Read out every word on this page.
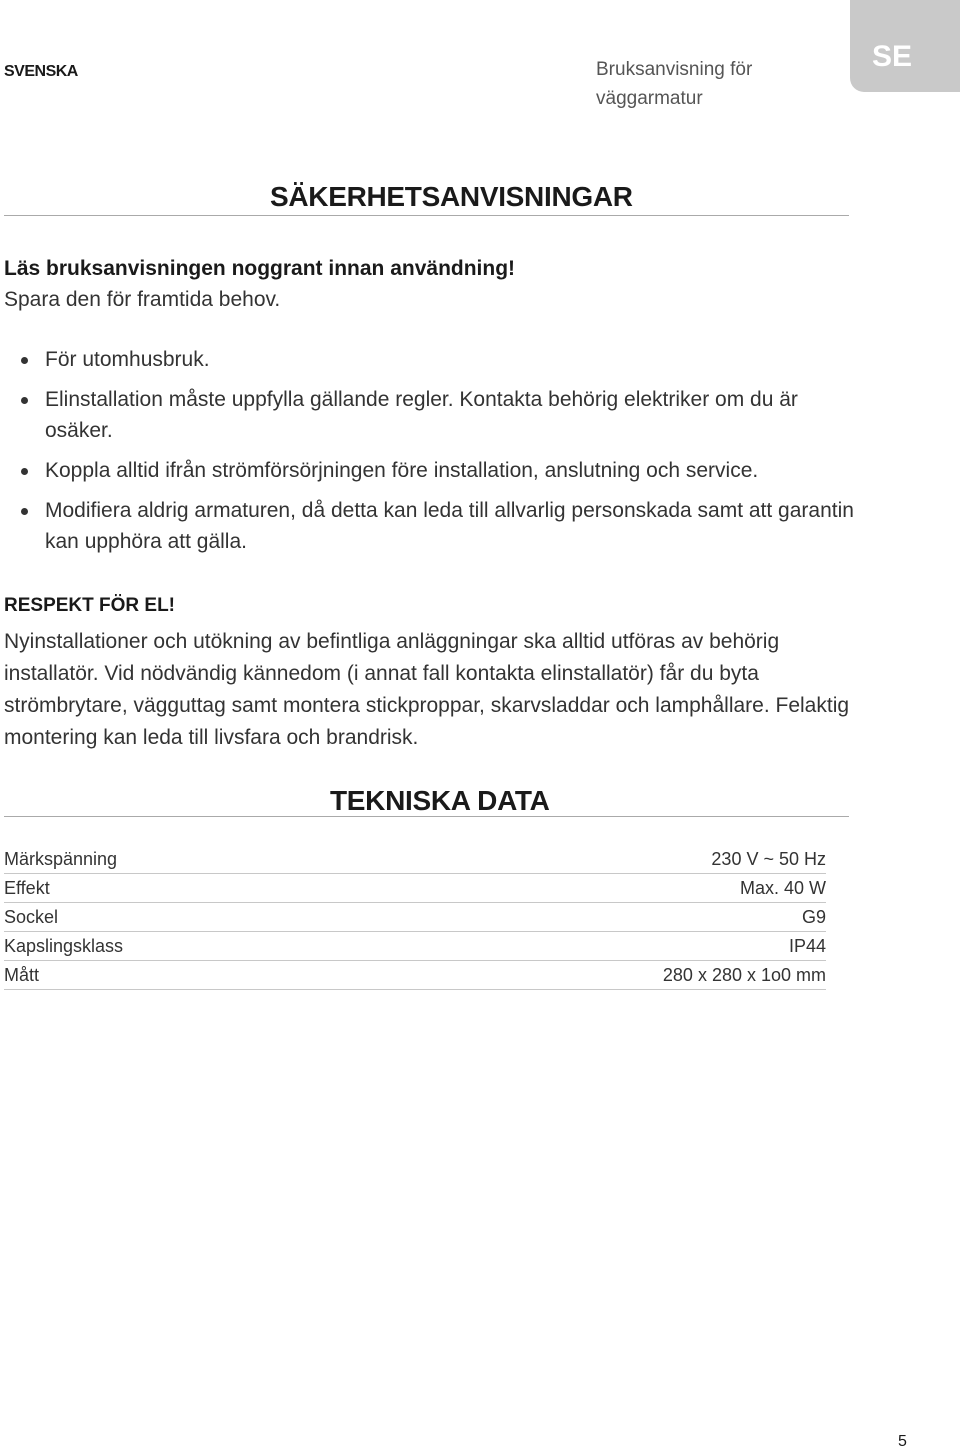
SVENSKA	Bruksanvisning för väggarmatur
SE
SÄKERHETSANVISNINGAR
Läs bruksanvisningen noggrant innan användning!
Spara den för framtida behov.
För utomhusbruk.
Elinstallation måste uppfylla gällande regler. Kontakta behörig elektriker om du är osäker.
Koppla alltid ifrån strömförsörjningen före installation, anslutning och service.
Modifiera aldrig armaturen, då detta kan leda till allvarlig personskada samt att garantin kan upphöra att gälla.
RESPEKT FÖR EL!
Nyinstallationer och utökning av befintliga anläggningar ska alltid utföras av behörig installatör. Vid nödvändig kännedom (i annat fall kontakta elinstallatör) får du byta strömbrytare, vägguttag samt montera stickproppar, skarvsladdar och lamphållare. Felaktig montering kan leda till livsfara och brandrisk.
TEKNISKA DATA
Märkspänning	230 V ~ 50 Hz
Effekt	Max. 40 W
Sockel	G9
Kapslingsklass	IP44
Mått	280 x 280 x 1o0 mm
5
